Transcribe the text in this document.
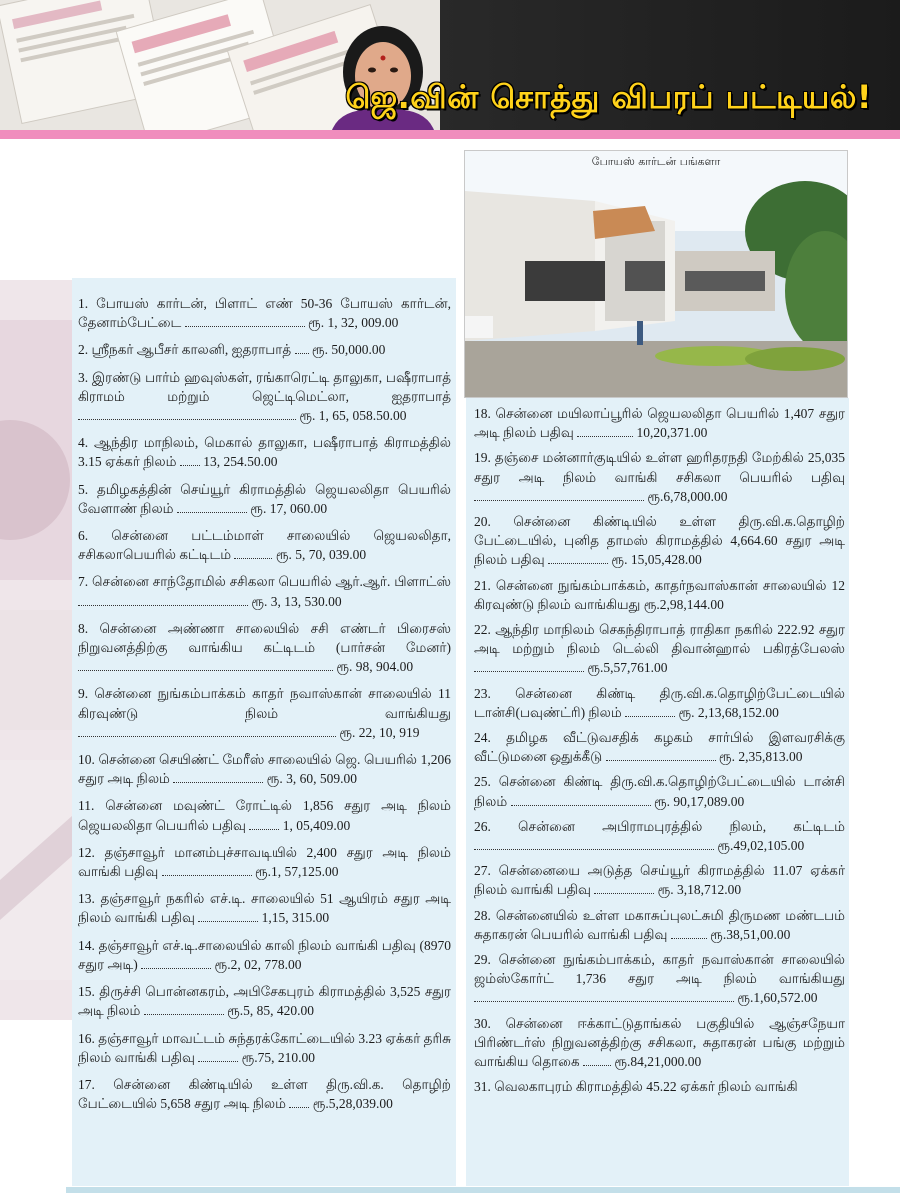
ஜெ.வின் சொத்து விபரப் பட்டியல்!
போயஸ் கார்டன் பங்களா
1. போயஸ் கார்டன், பிளாட் எண் 50-36 போயஸ் கார்டன், தேனாம்பேட்டை	ரூ. 1, 32, 009.00
2. ஸ்ரீநகர் ஆபீசர் காலனி, ஐதராபாத் ரூ. 50,000.00
3. இரண்டு பார்ம் ஹவுஸ்கள், ரங்காரெட்டி தாலுகா, பஷீராபாத் கிராமம் மற்றும் ஜெட்டிமெட்லா, ஐதராபாத்  ரூ. 1, 65, 058.50.00
4. ஆந்திர மாநிலம், மெகால் தாலுகா, பஷீராபாத் கிராமத்தில் 3.15 ஏக்கர் நிலம் 13, 254.50.00
5. தமிழகத்தின் செய்யூர் கிராமத்தில் ஜெயலலிதா பெயரில் வேளாண் நிலம்	ரூ. 17, 060.00
6. சென்னை பட்டம்மாள் சாலையில் ஜெயலலிதா, சசிகலாபெயரில் கட்டிடம்	ரூ. 5, 70, 039.00
7. சென்னை சாந்தோமில் சசிகலா பெயரில் ஆர்.ஆர். பிளாட்ஸ்  ரூ. 3, 13, 530.00
8. சென்னை அண்ணா சாலையில் சசி எண்டர் பிரைசஸ் நிறுவனத்திற்கு வாங்கிய கட்டிடம் (பார்சன் மேனர்)  ரூ. 98, 904.00
9. சென்னை நுங்கம்பாக்கம் காதர் நவாஸ்கான் சாலையில் 11 கிரவுண்டு நிலம் வாங்கியது  ரூ. 22, 10, 919
10. சென்னை செயிண்ட் மேரீஸ் சாலையில் ஜெ. பெயரில் 1,206 சதுர அடி நிலம்	ரூ. 3, 60, 509.00
11. சென்னை மவுண்ட் ரோட்டில் 1,856 சதுர அடி நிலம் ஜெயலலிதா பெயரில் பதிவு	1, 05,409.00
12. தஞ்சாவூர் மானம்புச்சாவடியில் 2,400 சதுர அடி நிலம் வாங்கி பதிவு	ரூ.1, 57,125.00
13. தஞ்சாவூர் நகரில் எச்.டி. சாலையில் 51 ஆயிரம் சதுர அடி நிலம் வாங்கி பதிவு	1,15, 315.00
14. தஞ்சாவூர் எச்.டி.சாலையில் காலி நிலம் வாங்கி பதிவு (8970 சதுர அடி)	ரூ.2, 02, 778.00
15. திருச்சி பொன்னகரம், அபிசேகபுரம் கிராமத்தில் 3,525 சதுர அடி நிலம்	ரூ.5, 85, 420.00
16. தஞ்சாவூர் மாவட்டம் சுந்தரக்கோட்டையில் 3.23 ஏக்கர் தரிசு நிலம் வாங்கி பதிவு	ரூ.75, 210.00
17. சென்னை கிண்டியில் உள்ள திரு.வி.க. தொழிற் பேட்டையில் 5,658 சதுர அடி நிலம் ரூ.5,28,039.00
18. சென்னை மயிலாப்பூரில் ஜெயலலிதா பெயரில் 1,407 சதுர அடி நிலம் பதிவு	10,20,371.00
19. தஞ்சை மன்னார்குடியில் உள்ள ஹரிதரநதி மேற்கில் 25,035 சதுர அடி நிலம் வாங்கி சசிகலா பெயரில் பதிவு  ரூ.6,78,000.00
20. சென்னை கிண்டியில் உள்ள திரு.வி.க.தொழிற் பேட்டையில், புனித தாமஸ் கிராமத்தில் 4,664.60 சதுர அடி நிலம் பதிவு	ரூ. 15,05,428.00
21. சென்னை நுங்கம்பாக்கம், காதர்நவாஸ்கான் சாலையில் 12 கிரவுண்டு நிலம் வாங்கியது ரூ.2,98,144.00
22. ஆந்திர மாநிலம் செகந்திராபாத் ராதிகா நகரில் 222.92 சதுர அடி மற்றும் நிலம் டெல்லி திவான்ஹால் பகிரத்பேலஸ்  ரூ.5,57,761.00
23. சென்னை கிண்டி திரு.வி.க.தொழிற்பேட்டையில் டான்சி(பவுண்ட்ரி) நிலம்	ரூ. 2,13,68,152.00
24. தமிழக வீட்டுவசதிக் கழகம் சார்பில் இளவரசிக்கு வீட்டுமனை ஒதுக்கீடு	ரூ. 2,35,813.00
25. சென்னை கிண்டி திரு.வி.க.தொழிற்பேட்டையில் டான்சி நிலம்	ரூ. 90,17,089.00
26. சென்னை அபிராமபுரத்தில் நிலம், கட்டிடம்  ரூ.49,02,105.00
27. சென்னையை அடுத்த செய்யூர் கிராமத்தில் 11.07 ஏக்கர் நிலம் வாங்கி பதிவு	ரூ. 3,18,712.00
28. சென்னையில் உள்ள மகாசுப்புலட்சுமி திருமண மண்டபம் சுதாகரன் பெயரில் வாங்கி பதிவு	ரூ.38,51,00.00
29. சென்னை நுங்கம்பாக்கம், காதர் நவாஸ்கான் சாலையில் ஜம்ஸ்கோர்ட் 1,736 சதுர அடி நிலம் வாங்கியது  ரூ.1,60,572.00
30. சென்னை ஈக்காட்டுதாங்கல் பகுதியில் ஆஞ்சநேயா பிரிண்டர்ஸ் நிறுவனத்திற்கு சசிகலா, சுதாகரன் பங்கு மற்றும் வாங்கிய தொகை	ரூ.84,21,000.00
31. வெலகாபுரம் கிராமத்தில் 45.22 ஏக்கர் நிலம் வாங்கி
